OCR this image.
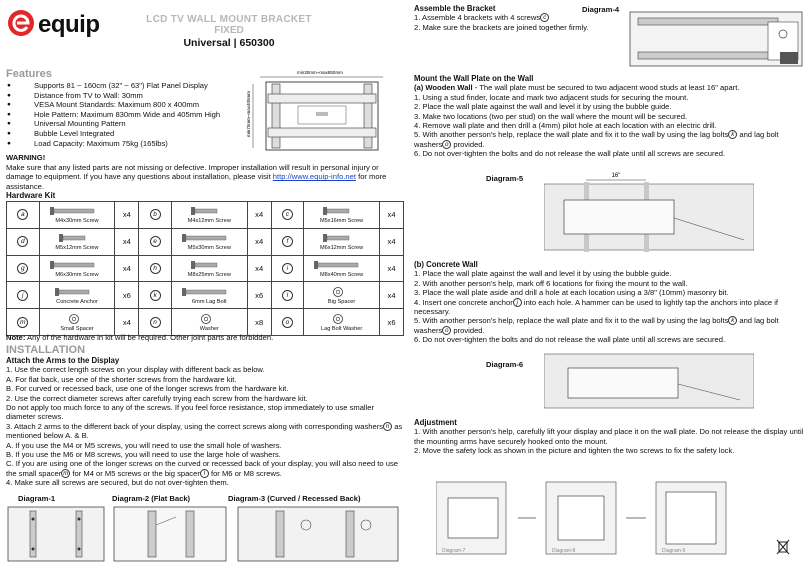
equip	LCD TV WALL MOUNT BRACKET
FIXED
Universal | 650300
Features
● Supports 81 ~ 160cm (32" ~ 63") Flat Panel Display
● Distance from TV to Wall: 30mm
● VESA Mount Standards: Maximum 800 x 400mm
● Hole Pattern: Maximum 830mm Wide and 405mm High
● Universal Mounting Pattern
● Bubble Level Integrated
● Load Capacity: Maximum 75kg (165lbs)
min30mm~max850mm
min75mm~max405mm
WARNING!
Make sure that any listed parts are not missing or defective. Improper installation will result in personal injury or damage to equipment. If you have any questions about installation, please visit http://www.equip-info.net for more assistance.
Hardware Kit
a	M4x30mm Screw	x4	b	M4x12mm Screw	x4	c	M5x16mm Screw	x4
d	M5x12mm Screw	x4	e	M5x30mm Screw	x4	f	M6x12mm Screw	x4
g	M6x30mm Screw	x4	h	M8x25mm Screw	x4	i	M8x40mm Screw	x4
j	Concrete Anchor	x6	k	6mm Lag Bolt	x6	l	Big Spacer	x4
m	Small Spacer	x4	n	Washer	x8	o	Lag Bolt Washer	x6
Note: Any of the hardware in kit will be required. Other joint parts are forbidden.
INSTALLATION

Attach the Arms to the Display

1. Use the correct length screws on your display with different back as below.

A. For flat back, use one of the shorter screws from the hardware kit.

B. For curved or recessed back, use one of the longer screws from the hardware kit.

2. Use the correct diameter screws after carefully trying each screw from the hardware kit.

Do not apply too much force to any of the screws. If you feel force resistance, stop immediately to use smaller diameter screws.

3. Attach 2 arms to the different back of your display, using the correct screws along with corresponding washers n as mentioned below A. & B.

A. If you use the M4 or M5 screws, you will need to use the small hole of washers.

B. If you use the M6 or M8 screws, you will need to use the large hole of washers.

C. If you are using one of the longer screws on the curved or recessed back of your display, you will also need to use the small spacer m for M4 or M5 screws or the big spacer l for M6 or M8 screws.

4. Make sure all screws are secured, but do not over-tighten them.

Diagram-1	Diagram-2 (Flat Back)	Diagram-3 (Curved / Recessed Back)

Assemble the Bracket

1. Assemble 4 brackets with 4 screws c

2. Make sure the brackets are joined together firmly.

Diagram-4

Mount the Wall Plate on the Wall

(a) Wooden Wall - The wall plate must be secured to two adjacent wood studs at least 16" apart.

1. Using a stud finder, locate and mark two adjacent studs for securing the mount.

2. Place the wall plate against the wall and level it by using the bubble guide.

3. Make two locations (two per stud) on the wall where the mount will be secured.

4. Remove wall plate and then drill a (4mm) pilot hole at each location with an electric drill.

5. With another person's help, replace the wall plate and fix it to the wall by using the lag bolts k and lag bolt washers o provided.

6. Do not over-tighten the bolts and do not release the wall plate until all screws are secured.

Diagram-5	16"

(b) Concrete Wall

1. Place the wall plate against the wall and level it by using the bubble guide.

2. With another person's help, mark off 6 locations for fixing the mount to the wall.

3. Place the wall plate aside and drill a hole at each location using a 3/8" (10mm) masonry bit.

4. Insert one concrete anchor j into each hole. A hammer can be used to lightly tap the anchors into place if necessary.

5. With another person's help, replace the wall plate and fix it to the wall by using the lag bolts k and lag bolt washers o provided.

6. Do not over-tighten the bolts and do not release the wall plate until all screws are secured.

Diagram-6

Adjustment

1. With another person's help, carefully lift your display and place it on the wall plate. Do not release the display until the mounting arms have securely hooked onto the mount.

2. Move the safety lock as shown in the picture and tighten the two screws to fix the safety lock.

Diagram-7	Diagram-8	Diagram-9
